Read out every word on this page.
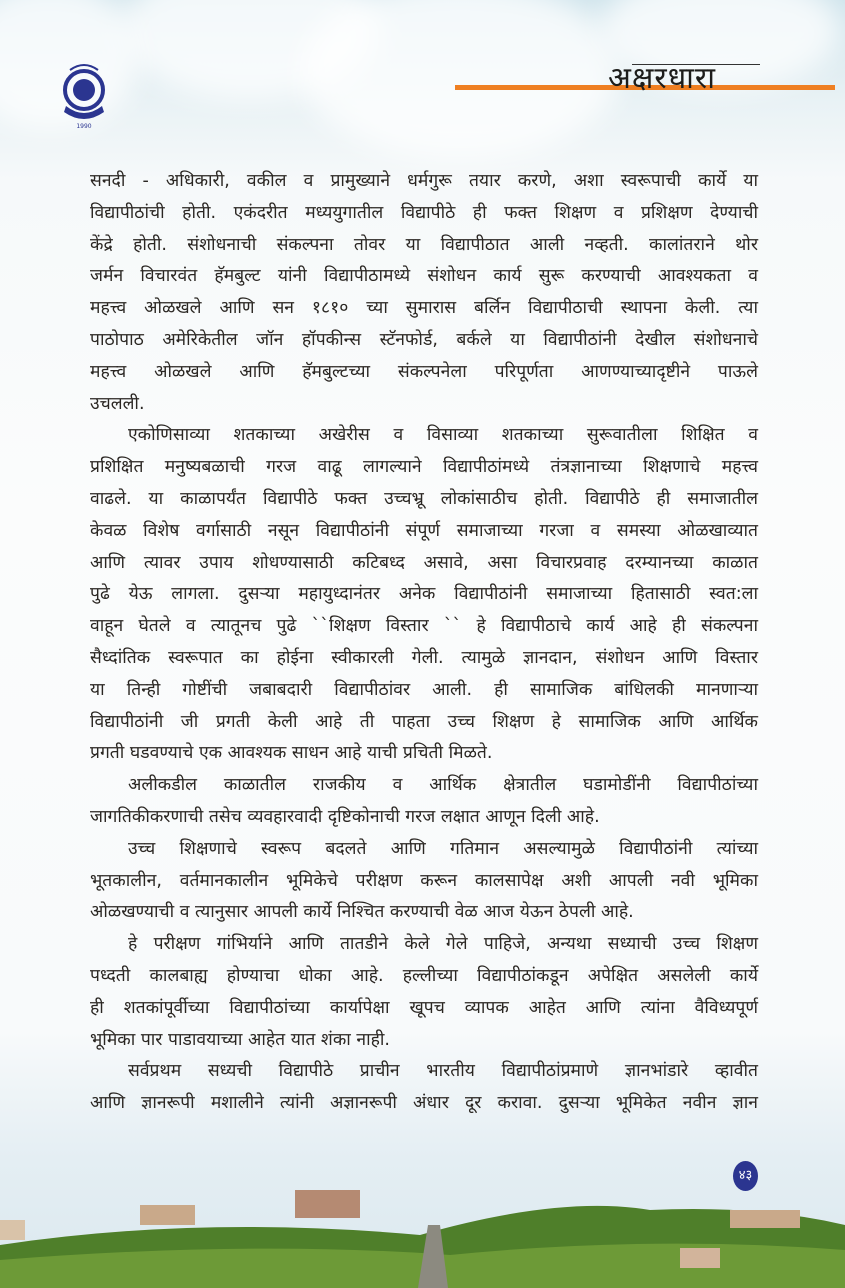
1990
अक्षरधारा
सनदी - अधिकारी, वकील व प्रामुख्याने धर्मगुरू तयार करणे, अशा स्वरूपाची कार्ये या
विद्यापीठांची होती. एकंदरीत मध्ययुगातील विद्यापीठे ही फक्त शिक्षण व प्रशिक्षण देण्याची
केंद्रे होती. संशोधनाची संकल्पना तोवर या विद्यापीठात आली नव्हती. कालांतराने थोर
जर्मन विचारवंत हॅमबुल्ट यांनी विद्यापीठामध्ये संशोधन कार्य सुरू करण्याची आवश्यकता व
महत्त्व ओळखले आणि सन १८१० च्या सुमारास बर्लिन विद्यापीठाची स्थापना केली. त्या
पाठोपाठ अमेरिकेतील जॉन हॉपकीन्स स्टॅनफोर्ड, बर्कले या विद्यापीठांनी देखील संशोधनाचे
महत्त्व ओळखले आणि हॅमबुल्टच्या संकल्पनेला परिपूर्णता आणण्याच्यादृष्टीने पाऊले
उचलली.
एकोणिसाव्या शतकाच्या अखेरीस व विसाव्या शतकाच्या सुरूवातीला शिक्षित व
प्रशिक्षित मनुष्यबळाची गरज वाढू लागल्याने विद्यापीठांमध्ये तंत्रज्ञानाच्या शिक्षणाचे महत्त्व
वाढले. या काळापर्यंत विद्यापीठे फक्त उच्चभ्रू लोकांसाठीच होती. विद्यापीठे ही समाजातील
केवळ विशेष वर्गासाठी नसून विद्यापीठांनी संपूर्ण समाजाच्या गरजा व समस्या ओळखाव्यात
आणि त्यावर उपाय शोधण्यासाठी कटिबध्द असावे, असा विचारप्रवाह दरम्यानच्या काळात
पुढे येऊ लागला. दुसऱ्या महायुध्दानंतर अनेक विद्यापीठांनी समाजाच्या हितासाठी स्वत:ला
वाहून घेतले व त्यातूनच पुढे ``शिक्षण विस्तार `` हे विद्यापीठाचे कार्य आहे ही संकल्पना
सैध्दांतिक स्वरूपात का होईना स्वीकारली गेली. त्यामुळे ज्ञानदान, संशोधन आणि विस्तार
या तिन्ही गोष्टींची जबाबदारी विद्यापीठांवर आली. ही सामाजिक बांधिलकी मानणाऱ्या
विद्यापीठांनी जी प्रगती केली आहे ती पाहता उच्च शिक्षण हे सामाजिक आणि आर्थिक
प्रगती घडवण्याचे एक आवश्यक साधन आहे याची प्रचिती मिळते.
अलीकडील काळातील राजकीय व आर्थिक क्षेत्रातील घडामोडींनी विद्यापीठांच्या
जागतिकीकरणाची तसेच व्यवहारवादी दृष्टिकोनाची गरज लक्षात आणून दिली आहे.
उच्च शिक्षणाचे स्वरूप बदलते आणि गतिमान असल्यामुळे विद्यापीठांनी त्यांच्या
भूतकालीन, वर्तमानकालीन भूमिकेचे परीक्षण करून कालसापेक्ष अशी आपली नवी भूमिका
ओळखण्याची व त्यानुसार आपली कार्ये निश्चित करण्याची वेळ आज येऊन ठेपली आहे.
हे परीक्षण गांभिर्याने आणि तातडीने केले गेले पाहिजे, अन्यथा सध्याची उच्च शिक्षण
पध्दती कालबाह्य होण्याचा धोका आहे. हल्लीच्या विद्यापीठांकडून अपेक्षित असलेली कार्ये
ही शतकांपूर्वीच्या विद्यापीठांच्या कार्यापेक्षा खूपच व्यापक आहेत आणि त्यांना वैविध्यपूर्ण
भूमिका पार पाडावयाच्या आहेत यात शंका नाही.
सर्वप्रथम सध्यची विद्यापीठे प्राचीन भारतीय विद्यापीठांप्रमाणे ज्ञानभांडारे व्हावीत
आणि ज्ञानरूपी मशालीने त्यांनी अज्ञानरूपी अंधार दूर करावा. दुसऱ्या भूमिकेत नवीन ज्ञान
४३
